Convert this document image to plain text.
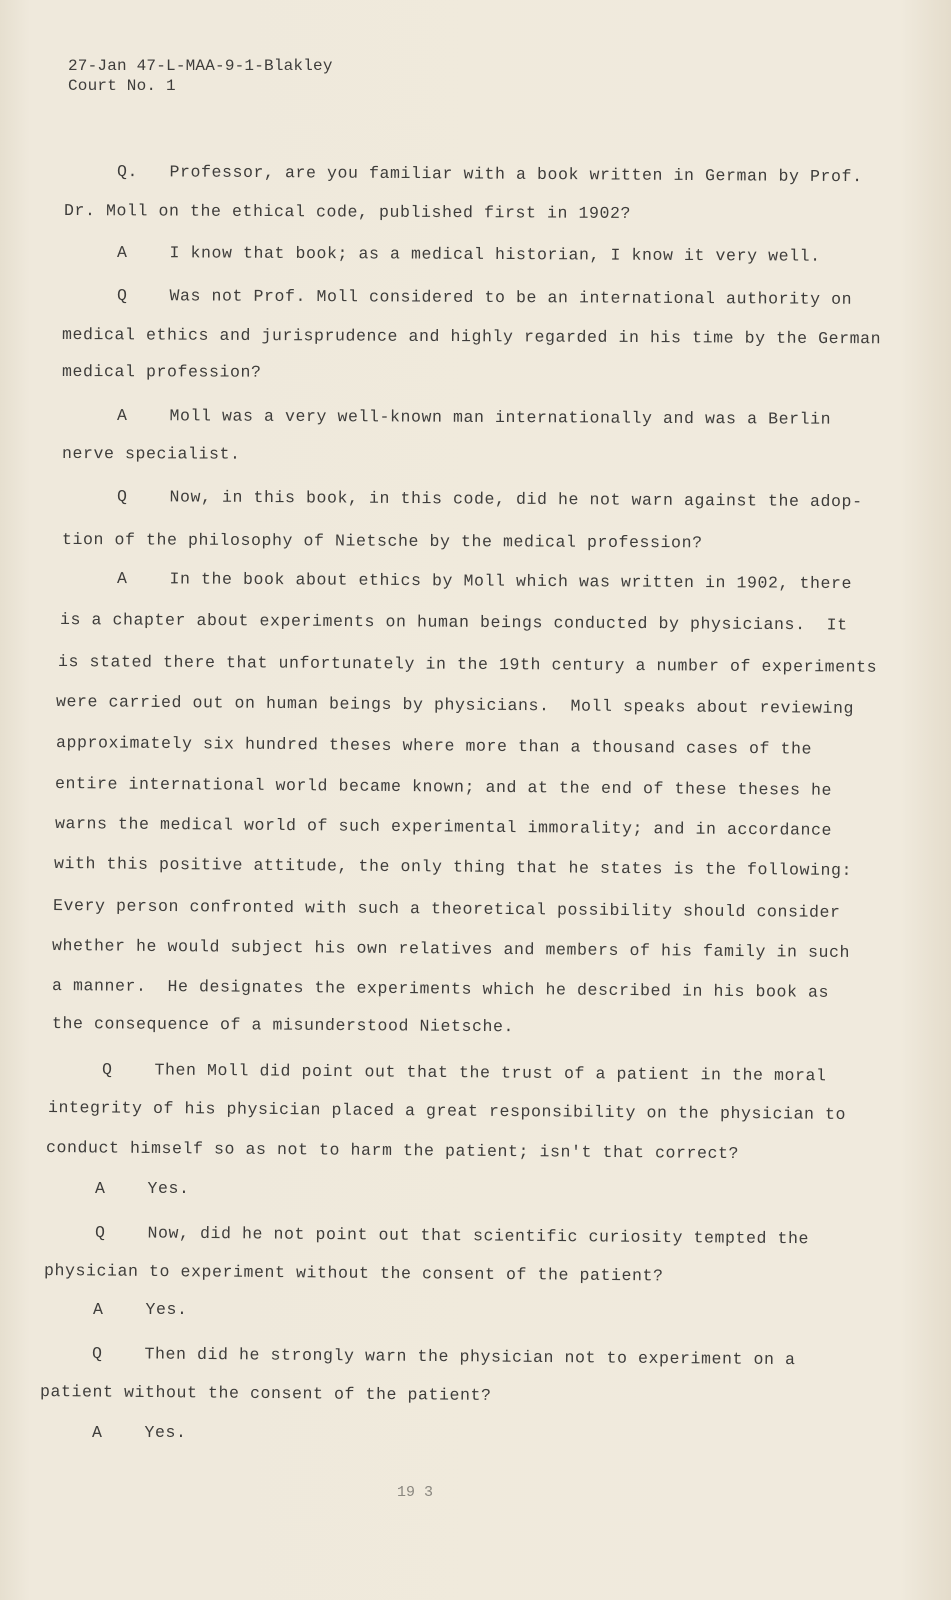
27-Jan 47-L-MAA-9-1-Blakley
Court No. 1
Q.   Professor, are you familiar with a book written in German by Prof.
Dr. Moll on the ethical code, published first in 1902?
A    I know that book; as a medical historian, I know it very well.
Q    Was not Prof. Moll considered to be an international authority on
medical ethics and jurisprudence and highly regarded in his time by the German
medical profession?
A    Moll was a very well-known man internationally and was a Berlin
nerve specialist.
Q    Now, in this book, in this code, did he not warn against the adop-
tion of the philosophy of Nietsche by the medical profession?
A    In the book about ethics by Moll which was written in 1902, there
is a chapter about experiments on human beings conducted by physicians.  It
is stated there that unfortunately in the 19th century a number of experiments
were carried out on human beings by physicians.  Moll speaks about reviewing
approximately six hundred theses where more than a thousand cases of the
entire international world became known; and at the end of these theses he
warns the medical world of such experimental immorality; and in accordance
with this positive attitude, the only thing that he states is the following:
Every person confronted with such a theoretical possibility should consider
whether he would subject his own relatives and members of his family in such
a manner.  He designates the experiments which he described in his book as
the consequence of a misunderstood Nietsche.
Q    Then Moll did point out that the trust of a patient in the moral
integrity of his physician placed a great responsibility on the physician to
conduct himself so as not to harm the patient; isn't that correct?
A    Yes.
Q    Now, did he not point out that scientific curiosity tempted the
physician to experiment without the consent of the patient?
A    Yes.
Q    Then did he strongly warn the physician not to experiment on a
patient without the consent of the patient?
A    Yes.
19 3
